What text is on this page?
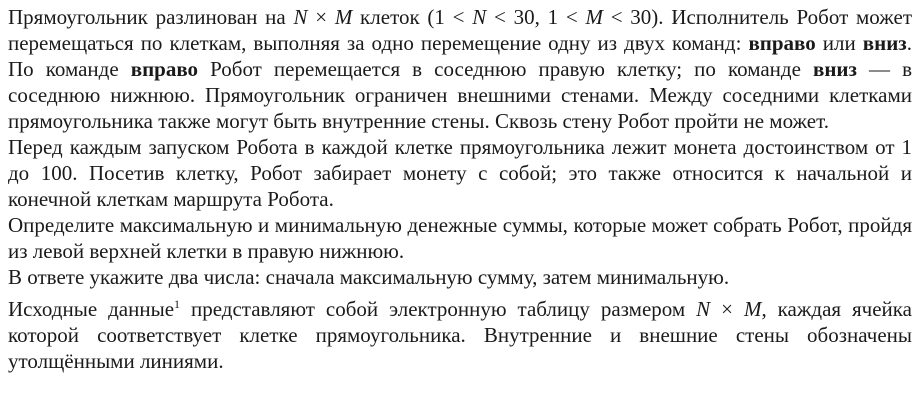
Прямоугольник разлинован на N × M клеток (1 < N < 30, 1 < M < 30). Исполнитель Робот может перемещаться по клеткам, выполняя за одно перемещение одну из двух команд: вправо или вниз. По команде вправо Робот перемещается в соседнюю правую клетку; по команде вниз — в соседнюю нижнюю. Прямоугольник ограничен внешними стенами. Между соседними клетками прямоугольника также могут быть внутренние стены. Сквозь стену Робот пройти не может.

Перед каждым запуском Робота в каждой клетке прямоугольника лежит монета достоинством от 1 до 100. Посетив клетку, Робот забирает монету с собой; это также относится к начальной и конечной клеткам маршрута Робота.

Определите максимальную и минимальную денежные суммы, которые может собрать Робот, пройдя из левой верхней клетки в правую нижнюю.

В ответе укажите два числа: сначала максимальную сумму, затем минимальную.

Исходные данные$^1$ представляют собой электронную таблицу размером N × M, каждая ячейка которой соответствует клетке прямоугольника. Внутренние и внешние стены обозначены утолщёнными линиями.
